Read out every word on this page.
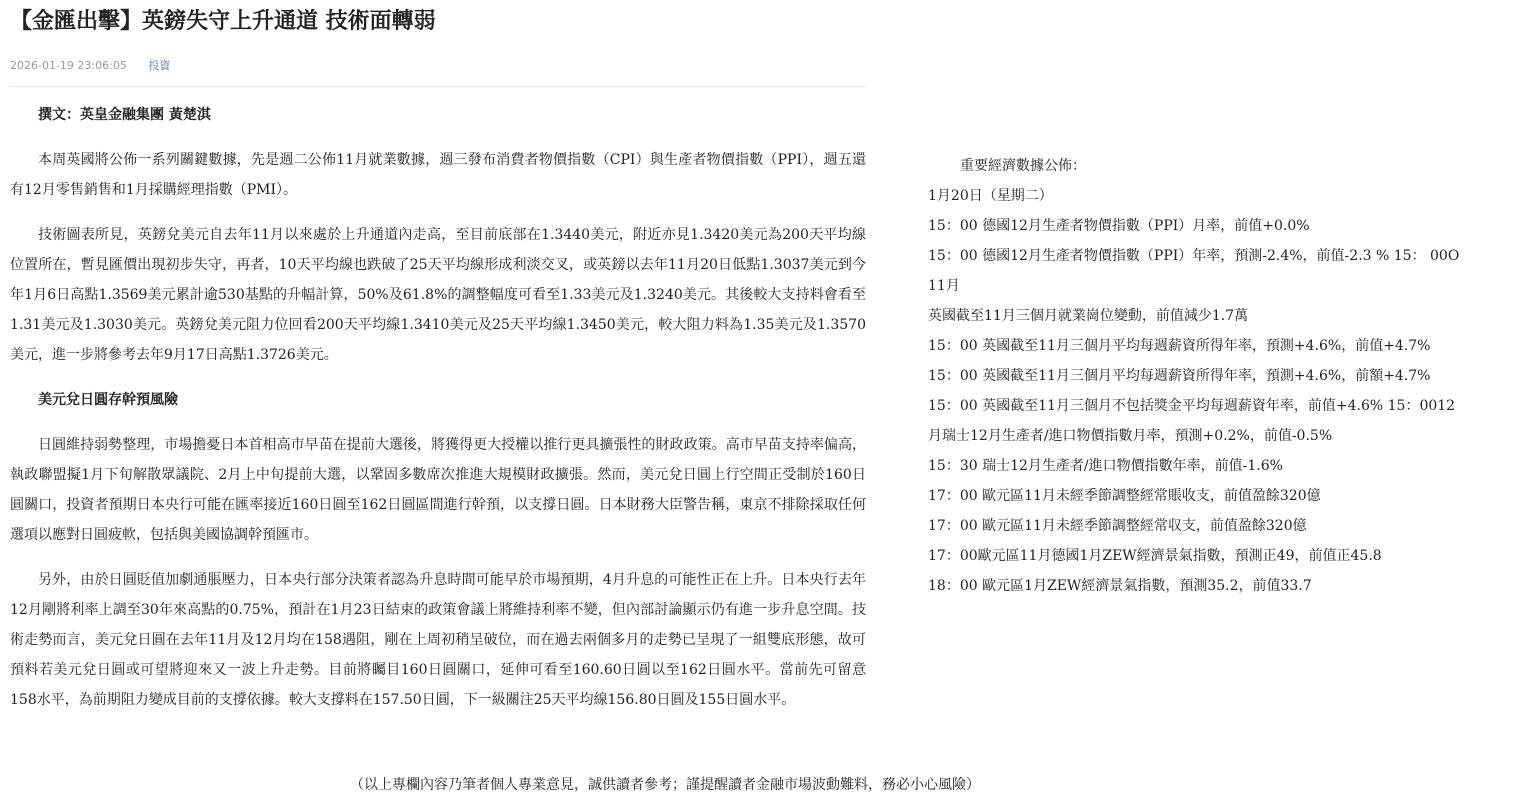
【金匯出擊】英鎊失守上升通道 技術面轉弱
2026-01-19 23:06:05 投資

撰文：英皇金融集團 黃楚淇

本周英國將公佈一系列關鍵數據，先是週二公佈11月就業數據，週三發布消費者物價指數（CPI）與生產者物價指數（PPI），週五還有12月零售銷售和1月採購經理指數（PMI）。

技術圖表所見，英鎊兌美元自去年11月以來處於上升通道內走高，至目前底部在1.3440美元，附近亦見1.3420美元為200天平均線位置所在，暫見匯價出現初步失守，再者，10天平均線也跌破了25天平均線形成利淡交叉，或英鎊以去年11月20日低點1.3037美元到今年1月6日高點1.3569美元累計逾530基點的升幅計算，50%及61.8%的調整幅度可看至1.33美元及1.3240美元。其後較大支持料會看至1.31美元及1.3030美元。英鎊兌美元阻力位回看200天平均線1.3410美元及25天平均線1.3450美元，較大阻力料為1.35美元及1.3570美元，進一步將參考去年9月17日高點1.3726美元。

美元兌日圓存幹預風險

日圓維持弱勢整理，市場擔憂日本首相高市早苗在提前大選後，將獲得更大授權以推行更具擴張性的財政政策。高市早苗支持率偏高，執政聯盟擬1月下旬解散眾議院、2月上中旬提前大選，以鞏固多數席次推進大規模財政擴張。然而，美元兌日圓上行空間正受制於160日圓關口，投資者預期日本央行可能在匯率接近160日圓至162日圓區間進行幹預，以支撐日圓。日本財務大臣警告稱，東京不排除採取任何選項以應對日圓疲軟，包括與美國協調幹預匯市。

另外，由於日圓貶值加劇通脹壓力，日本央行部分決策者認為升息時間可能早於市場預期，4月升息的可能性正在上升。日本央行去年12月剛將利率上調至30年來高點的0.75%，預計在1月23日結束的政策會議上將維持利率不變，但內部討論顯示仍有進一步升息空間。技術走勢而言，美元兌日圓在去年11月及12月均在158遇阻，剛在上周初稍呈破位，而在過去兩個多月的走勢已呈現了一組雙底形態，故可預料若美元兌日圓或可望將迎來又一波上升走勢。目前將矚目160日圓關口，延伸可看至160.60日圓以至162日圓水平。當前先可留意158水平，為前期阻力變成目前的支撐依據。較大支撐料在157.50日圓，下一級關注25天平均線156.80日圓及155日圓水平。

重要經濟數據公佈：
1月20日（星期二）
15：00 德國12月生產者物價指數（PPI）月率，前值+0.0%
15：00 德國12月生產者物價指數（PPI）年率，預測-2.4%，前值-2.3 % 15： 00O
11月
英國截至11月三個月就業崗位變動，前值減少1.7萬
15：00 英國截至11月三個月平均每週薪資所得年率，預測+4.6%，前值+4.7%
15：00 英國截至11月三個月平均每週薪資所得年率，預測+4.6%，前額+4.7%
15：00 英國截至11月三個月不包括獎金平均每週薪資年率，前值+4.6% 15：0012
月瑞士12月生產者/進口物價指數月率，預測+0.2%，前值-0.5%
15：30 瑞士12月生產者/進口物價指數年率，前值-1.6%
17：00 歐元區11月未經季節調整經常賬收支，前值盈餘320億
17：00 歐元區11月未經季節調整經常収支，前值盈餘320億
17：00歐元區11月德國1月ZEW經濟景氣指數，預測正49，前值正45.8
18：00 歐元區1月ZEW經濟景氣指數，預測35.2，前值33.7
（以上專欄內容乃筆者個人專業意見，誠供讀者參考；謹提醒讀者金融市場波動難料，務必小心風險）
